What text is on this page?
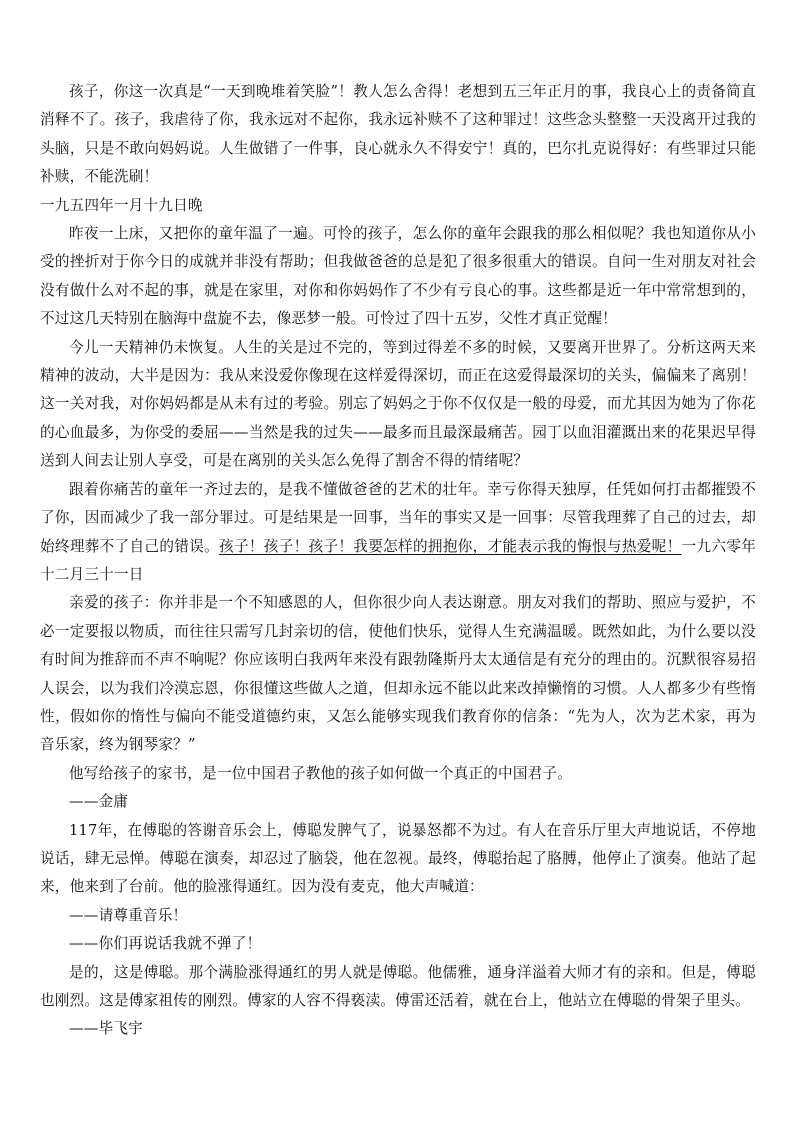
孩子，你这一次真是“一天到晚堆着笑脸”！教人怎么舍得！老想到五三年正月的事，我良心上的责备简直消释不了。孩子，我虐待了你，我永远对不起你，我永远补赎不了这种罪过！这些念头整整一天没离开过我的头脑，只是不敢向妈妈说。人生做错了一件事，良心就永久不得安宁！真的，巴尔扎克说得好：有些罪过只能补赎，不能洗刷！

一九五四年一月十九日晚

昨夜一上床，又把你的童年温了一遍。可怜的孩子，怎么你的童年会跟我的那么相似呢？我也知道你从小受的挫折对于你今日的成就并非没有帮助；但我做爸爸的总是犯了很多很重大的错误。自问一生对朋友对社会没有做什么对不起的事，就是在家里，对你和你妈妈作了不少有亏良心的事。这些都是近一年中常常想到的，不过这几天特别在脑海中盘旋不去，像恶梦一般。可怜过了四十五岁，父性才真正觉醒！

今儿一天精神仍未恢复。人生的关是过不完的，等到过得差不多的时候，又要离开世界了。分析这两天来精神的波动，大半是因为：我从来没爱你像现在这样爱得深切，而正在这爱得最深切的关头，偏偏来了离别！这一关对我，对你妈妈都是从未有过的考验。别忘了妈妈之于你不仅仅是一般的母爱，而尤其因为她为了你花的心血最多，为你受的委屈——当然是我的过失——最多而且最深最痛苦。园丁以血泪灌溉出来的花果迟早得送到人间去让别人享受，可是在离别的关头怎么免得了割舍不得的情绪呢？

跟着你痛苦的童年一齐过去的，是我不懂做爸爸的艺术的壮年。幸亏你得天独厚，任凭如何打击都摧毁不了你，因而减少了我一部分罪过。可是结果是一回事，当年的事实又是一回事：尽管我理葬了自己的过去，却始终理葬不了自己的错误。孩子！孩子！孩子！我要怎样的拥抱你，才能表示我的悔恨与热爱呢！一九六零年十二月三十一日

亲爱的孩子：你并非是一个不知感恩的人，但你很少向人表达谢意。朋友对我们的帮助、照应与爱护，不必一定要报以物质，而往往只需写几封亲切的信，使他们快乐，觉得人生充满温暖。既然如此，为什么要以没有时间为推辞而不声不响呢？你应该明白我两年来没有跟勃隆斯丹太太通信是有充分的理由的。沉默很容易招人误会，以为我们冷漠忘恩，你很懂这些做人之道，但却永远不能以此来改掉懒惰的习惯。人人都多少有些惰性，假如你的惰性与偏向不能受道德约束，又怎么能够实现我们教育你的信条：“先为人，次为艺术家，再为音乐家，终为钢琴家？”

他写给孩子的家书，是一位中国君子教他的孩子如何做一个真正的中国君子。

——金庸

117年，在傅聪的答谢音乐会上，傅聪发脾气了，说暴怒都不为过。有人在音乐厅里大声地说话，不停地说话，肆无忌惮。傅聪在演奏，却忍过了脑袋，他在忽视。最终，傅聪抬起了胳膊，他停止了演奏。他站了起来，他来到了台前。他的脸涨得通红。因为没有麦克，他大声喊道：

——请尊重音乐！

——你们再说话我就不弹了！

是的，这是傅聪。那个满脸涨得通红的男人就是傅聪。他儒雅，通身洋溢着大师才有的亲和。但是，傅聪也刚烈。这是傅家祖传的刚烈。傅家的人容不得亵渎。傅雷还活着，就在台上，他站立在傅聪的骨架子里头。

——毕飞宇
